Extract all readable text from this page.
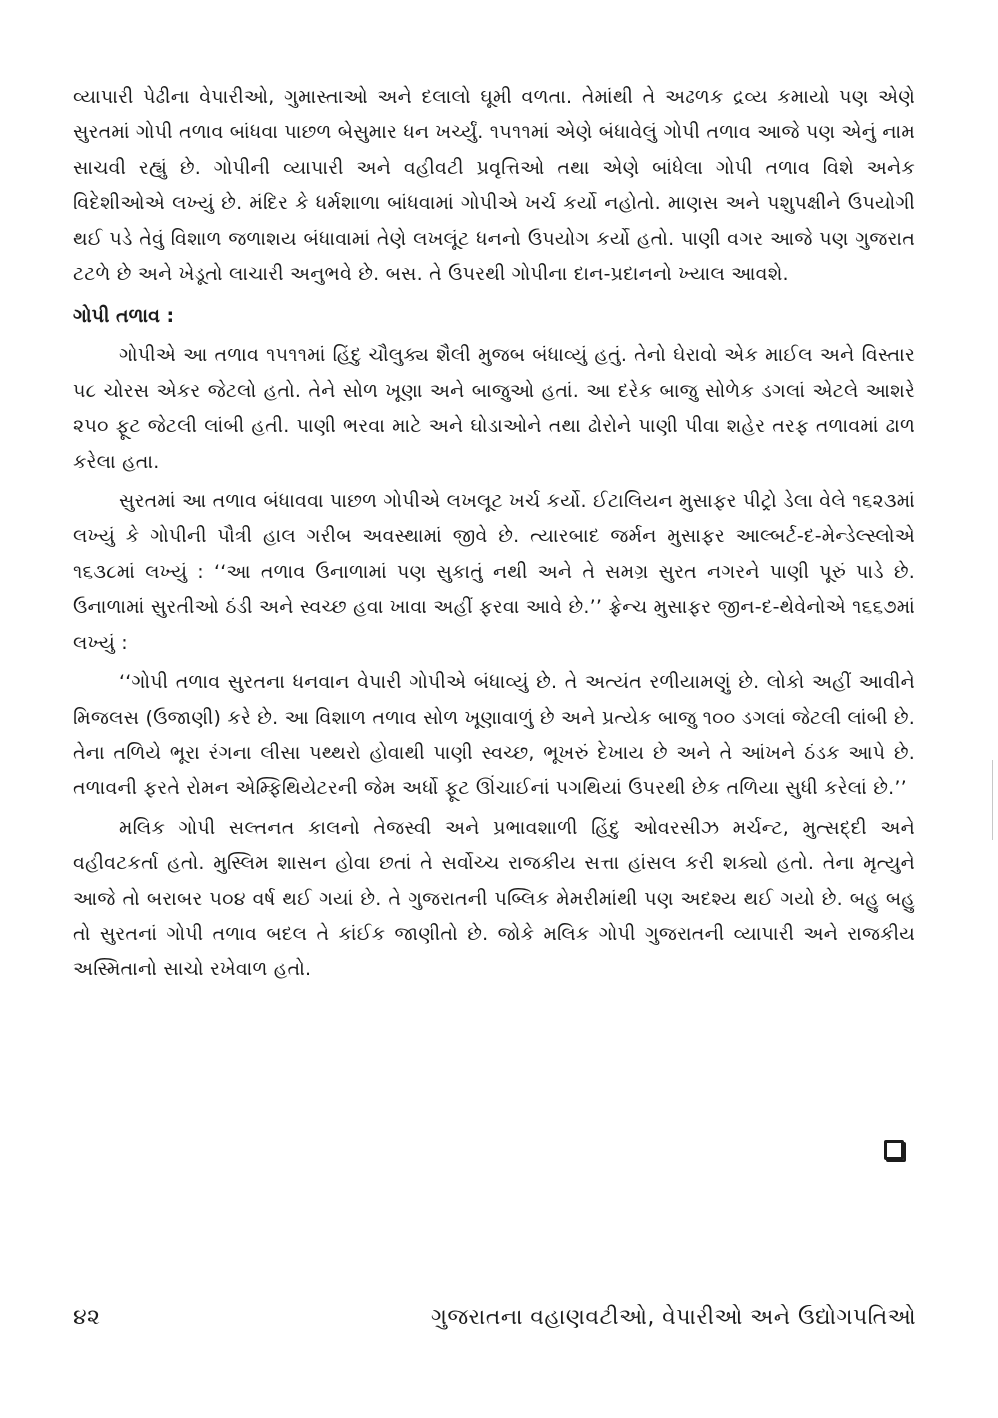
વ્યાપારી પેઢીના વેપારીઓ, ગુમાસ્તાઓ અને દલાલો ઘૂમી વળતા. તેમાંથી તે અઢળક દ્રવ્ય કમાયો પણ એણે સુરતમાં ગોપી તળાવ બાંધવા પાછળ બેસુમાર ધન ખર્ચ્યું. ૧૫૧૧માં એણે બંધાવેલું ગોપી તળાવ આજે પણ એનું નામ સાચવી રહ્યું છે. ગોપીની વ્યાપારી અને વહીવટી પ્રવૃત્તિઓ તથા એણે બાંધેલા ગોપી તળાવ વિશે અનેક વિદેશીઓએ લખ્યું છે. મંદિર કે ધર્મશાળા બાંધવામાં ગોપીએ ખર્ચ કર્યો નહોતો. માણસ અને પશુપક્ષીને ઉપયોગી થઈ પડે તેવું વિશાળ જળાશય બંધાવામાં તેણે લખલૂંટ ધનનો ઉપયોગ કર્યો હતો. પાણી વગર આજે પણ ગુજરાત ટટળે છે અને ખેડૂતો લાચારી અનુભવે છે. બસ. તે ઉપરથી ગોપીના દાન-પ્રદાનનો ખ્યાલ આવશે.

ગોપી તળાવ :

ગોપીએ આ તળાવ ૧૫૧૧માં હિંદુ ચૌલુક્ય શૈલી મુજબ બંધાવ્યું હતું. તેનો ઘેરાવો એક માઈલ અને વિસ્તાર ૫૮ ચોરસ એકર જેટલો હતો. તેને સોળ ખૂણા અને બાજુઓ હતાં. આ દરેક બાજુ સોળેક ડગલાં એટલે આશરે ૨૫૦ ફૂટ જેટલી લાંબી હતી. પાણી ભરવા માટે અને ઘોડાઓને તથા ઢોરોને પાણી પીવા શહેર તરફ તળાવમાં ઢાળ કરેલા હતા.

સુરતમાં આ તળાવ બંધાવવા પાછળ ગોપીએ લખલૂટ ખર્ચ કર્યો. ઈટાલિયન મુસાફર પીટ્રો ડેલા વેલે ૧૬૨૩માં લખ્યું કે ગોપીની પૌત્રી હાલ ગરીબ અવસ્થામાં જીવે છે. ત્યારબાદ જર્મન મુસાફર આલ્બર્ટ-દ-મેન્ડેલ્સ્લોએ ૧૬૩૮માં લખ્યું : ‘‘આ તળાવ ઉનાળામાં પણ સુકાતું નથી અને તે સમગ્ર સુરત નગરને પાણી પૂરું પાડે છે. ઉનાળામાં સુરતીઓ ઠંડી અને સ્વચ્છ હવા ખાવા અહીં ફરવા આવે છે.’’ ફ્રેન્ચ મુસાફર જીન-દ-થેવેનોએ ૧૬૬૭માં લખ્યું :

‘‘ગોપી તળાવ સુરતના ધનવાન વેપારી ગોપીએ બંધાવ્યું છે. તે અત્યંત રળીયામણું છે. લોકો અહીં આવીને મિજલસ (ઉજાણી) કરે છે. આ વિશાળ તળાવ સોળ ખૂણાવાળું છે અને પ્રત્યેક બાજુ ૧૦૦ ડગલાં જેટલી લાંબી છે. તેના તળિયે ભૂરા રંગના લીસા પથ્થરો હોવાથી પાણી સ્વચ્છ, ભૂખરું દેખાય છે અને તે આંખને ઠંડક આપે છે. તળાવની ફરતે રોમન એમ્ફિથિયેટરની જેમ અર્ધો ફૂટ ઊંચાઈનાં પગથિયાં ઉપરથી છેક તળિયા સુધી કરેલાં છે.’’

મલિક ગોપી સલ્તનત કાલનો તેજસ્વી અને પ્રભાવશાળી હિંદુ ઓવરસીઝ મર્ચન્ટ, મુત્સદ્દી અને વહીવટકર્તા હતો. મુસ્લિમ શાસન હોવા છતાં તે સર્વોચ્ચ રાજકીય સત્તા હાંસલ કરી શક્યો હતો. તેના મૃત્યુને આજે તો બરાબર ૫૦૪ વર્ષ થઈ ગયાં છે. તે ગુજરાતની પબ્લિક મેમરીમાંથી પણ અદશ્ય થઈ ગયો છે. બહુ બહુ તો સુરતનાં ગોપી તળાવ બદલ તે કાંઈક જાણીતો છે. જોકે મલિક ગોપી ગુજરાતની વ્યાપારી અને રાજકીય અસ્મિતાનો સાચો રખેવાળ હતો.

૪૨	ગુજરાતના વહાણવટીઓ, વેપારીઓ અને ઉદ્યોગપતિઓ
